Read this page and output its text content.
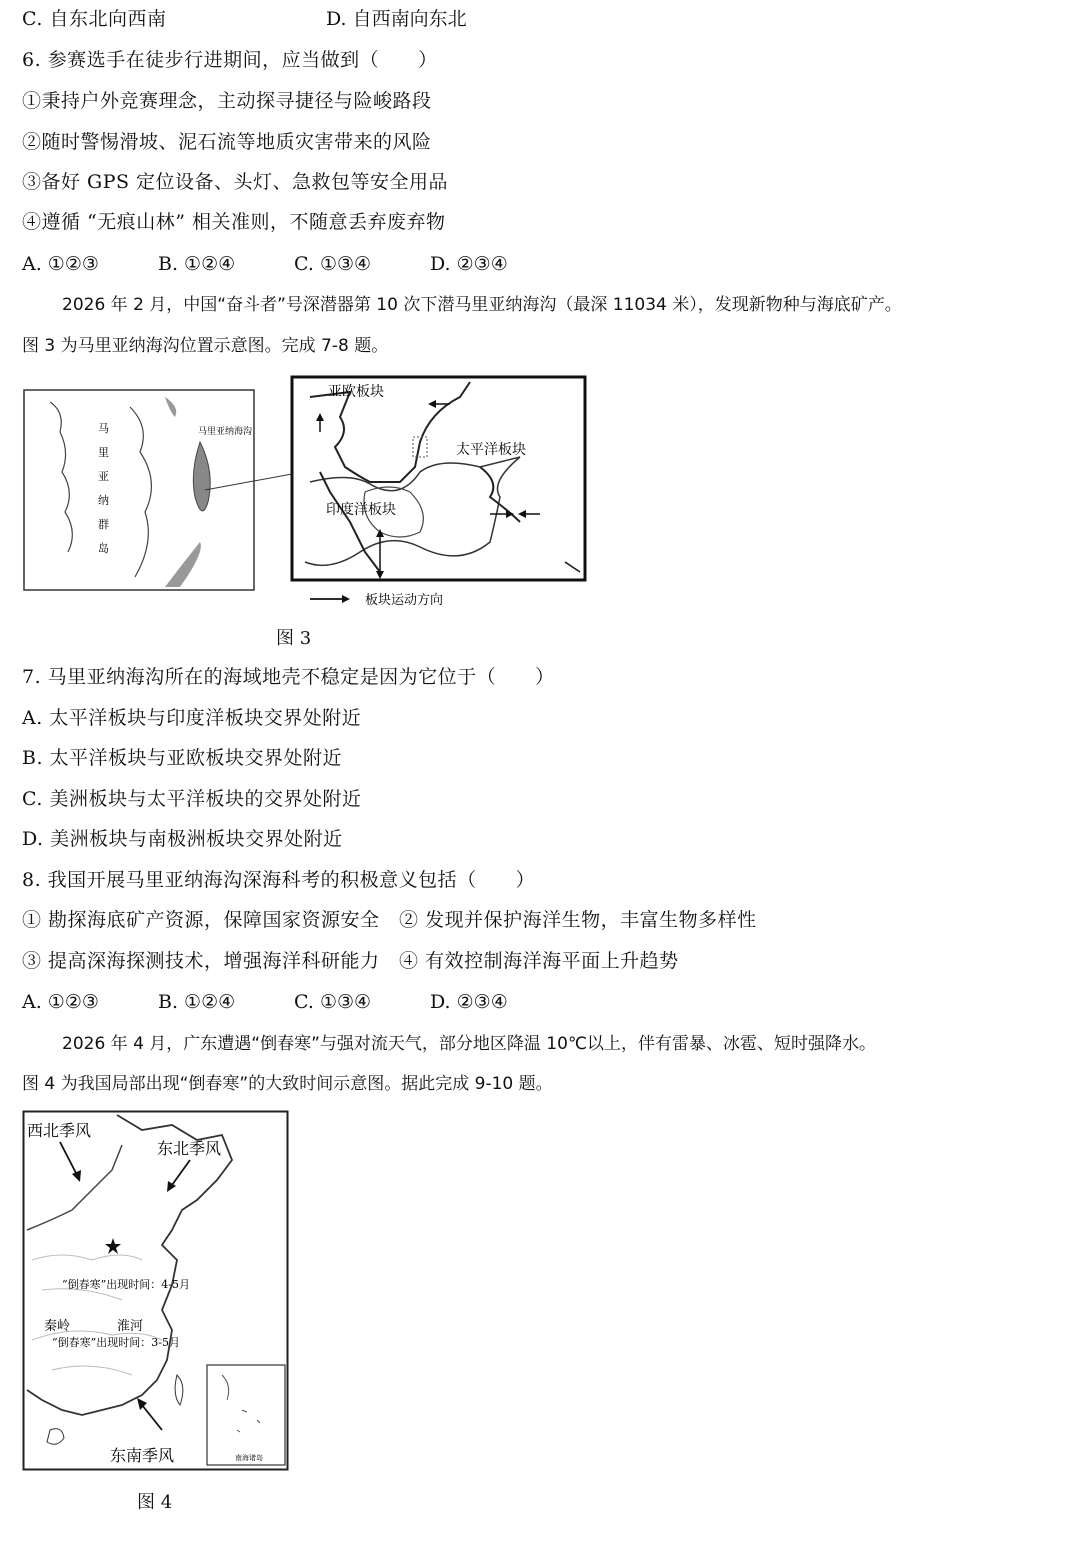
C. 自东北向西南	D. 自西南向东北
6. 参赛选手在徒步行进期间，应当做到（　　）
①秉持户外竞赛理念，主动探寻捷径与险峻路段
②随时警惕滑坡、泥石流等地质灾害带来的风险
③备好 GPS 定位设备、头灯、急救包等安全用品
④遵循 “无痕山林” 相关准则，不随意丢弃废弃物
A. ①②③	B. ①②④	C. ①③④	D. ②③④
2026 年 2 月，中国“奋斗者”号深潜器第 10 次下潜马里亚纳海沟（最深 11034 米），发现新物种与海底矿产。
图 3 为马里亚纳海沟位置示意图。完成 7-8 题。
马
里
亚
纳
群
岛
马里亚纳海沟
亚欧板块
太平洋板块
印度洋板块
板块运动方向
图 3
7. 马里亚纳海沟所在的海域地壳不稳定是因为它位于（　　）
A. 太平洋板块与印度洋板块交界处附近
B. 太平洋板块与亚欧板块交界处附近
C. 美洲板块与太平洋板块的交界处附近
D. 美洲板块与南极洲板块交界处附近
8. 我国开展马里亚纳海沟深海科考的积极意义包括（　　）
① 勘探海底矿产资源，保障国家资源安全　② 发现并保护海洋生物，丰富生物多样性
③ 提高深海探测技术，增强海洋科研能力　④ 有效控制海洋海平面上升趋势
A. ①②③	B. ①②④	C. ①③④	D. ②③④
2026 年 4 月，广东遭遇“倒春寒”与强对流天气，部分地区降温 10℃以上，伴有雷暴、冰雹、短时强降水。
图 4 为我国局部出现“倒春寒”的大致时间示意图。据此完成 9-10 题。
南海诸岛
西北季风
东北季风
“倒春寒”出现时间：4-5月
秦岭	淮河
“倒春寒”出现时间：3-5月
东南季风
图 4
